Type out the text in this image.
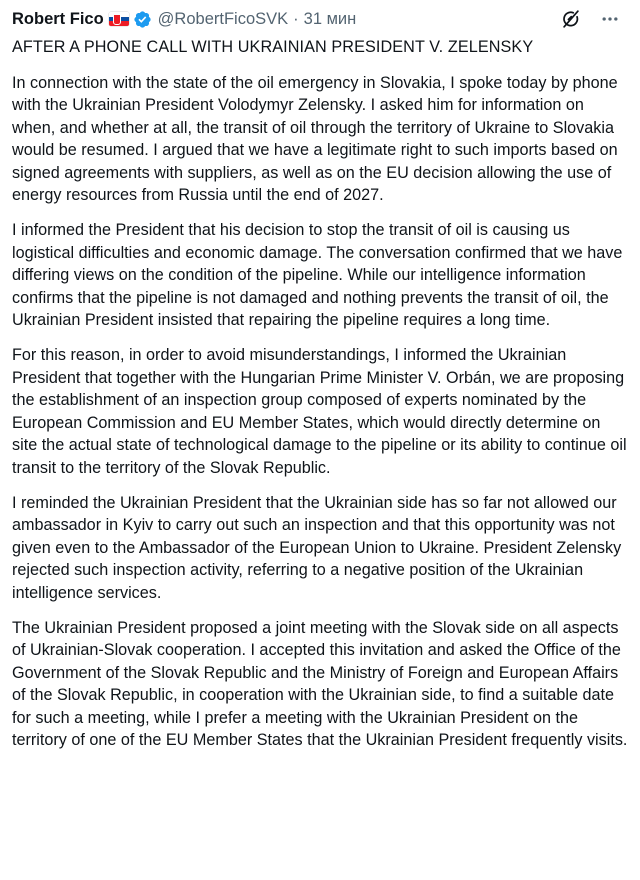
Robert Fico	@RobertFicoSVK · 31 мин
AFTER A PHONE CALL WITH UKRAINIAN PRESIDENT V. ZELENSKY

In connection with the state of the oil emergency in Slovakia, I spoke today by phone with the Ukrainian President Volodymyr Zelensky. I asked him for information on when, and whether at all, the transit of oil through the territory of Ukraine to Slovakia would be resumed. I argued that we have a legitimate right to such imports based on signed agreements with suppliers, as well as on the EU decision allowing the use of energy resources from Russia until the end of 2027.

I informed the President that his decision to stop the transit of oil is causing us logistical difficulties and economic damage. The conversation confirmed that we have differing views on the condition of the pipeline. While our intelligence information confirms that the pipeline is not damaged and nothing prevents the transit of oil, the Ukrainian President insisted that repairing the pipeline requires a long time.

For this reason, in order to avoid misunderstandings, I informed the Ukrainian President that together with the Hungarian Prime Minister V. Orbán, we are proposing the establishment of an inspection group composed of experts nominated by the European Commission and EU Member States, which would directly determine on site the actual state of technological damage to the pipeline or its ability to continue oil transit to the territory of the Slovak Republic.

I reminded the Ukrainian President that the Ukrainian side has so far not allowed our ambassador in Kyiv to carry out such an inspection and that this opportunity was not given even to the Ambassador of the European Union to Ukraine. President Zelensky rejected such inspection activity, referring to a negative position of the Ukrainian intelligence services.

The Ukrainian President proposed a joint meeting with the Slovak side on all aspects of Ukrainian-Slovak cooperation. I accepted this invitation and asked the Office of the Government of the Slovak Republic and the Ministry of Foreign and European Affairs of the Slovak Republic, in cooperation with the Ukrainian side, to find a suitable date for such a meeting, while I prefer a meeting with the Ukrainian President on the territory of one of the EU Member States that the Ukrainian President frequently visits.
